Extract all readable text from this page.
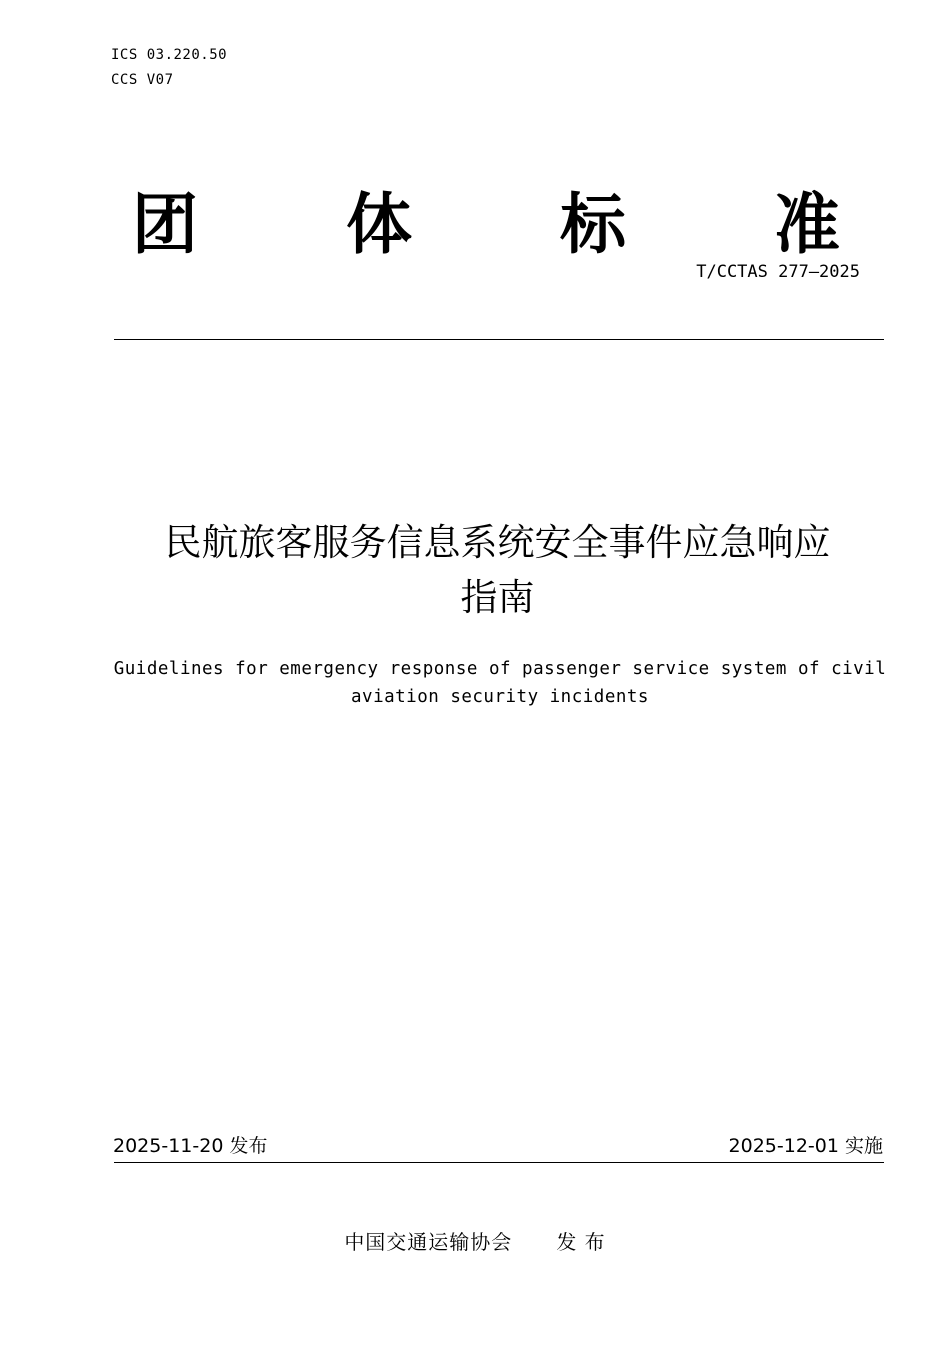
ICS 03.220.50
CCS V07
团 体 标 准
T/CCTAS 277—2025
民航旅客服务信息系统安全事件应急响应
指南
Guidelines for emergency response of passenger service system of civil
aviation security incidents
2025-11-20 发布	2025-12-01 实施
中国交通运输协会 发 布
